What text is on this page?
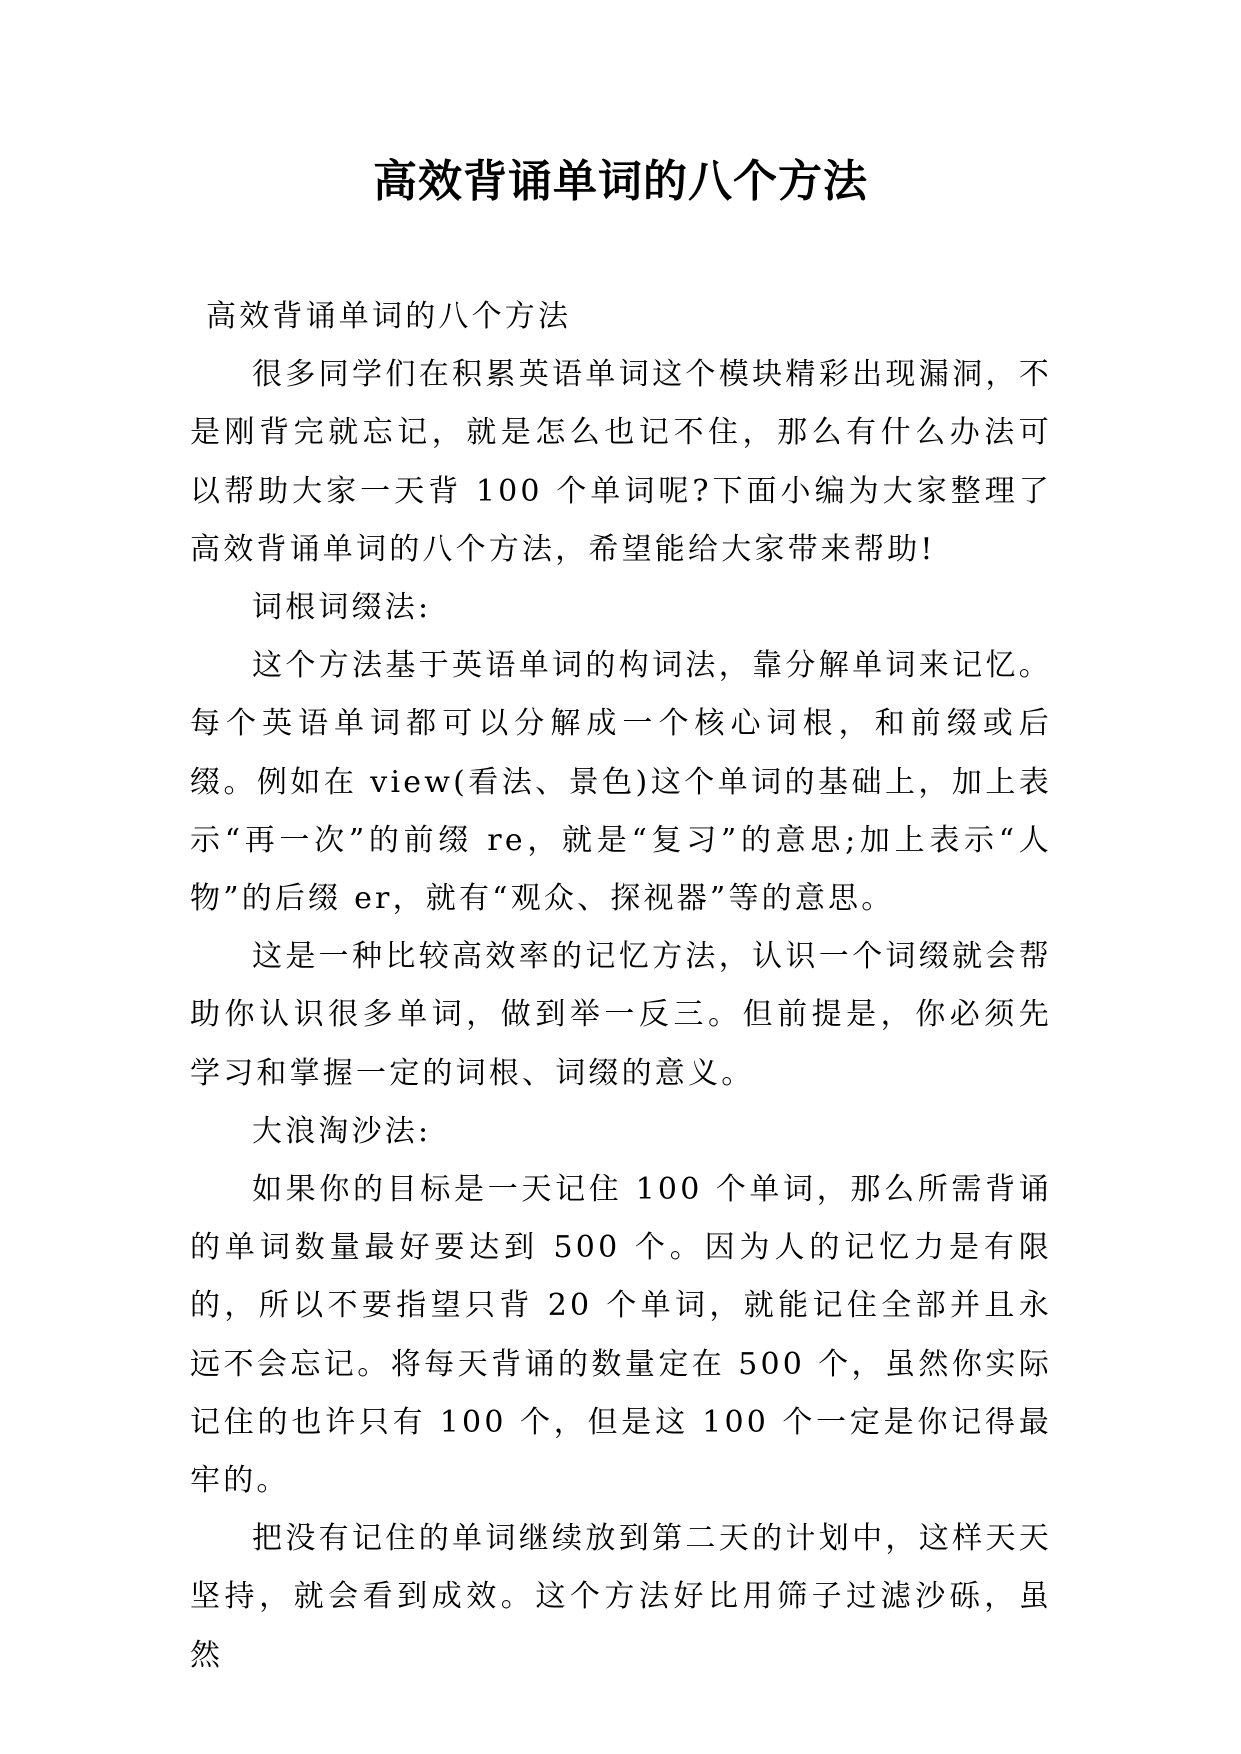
高效背诵单词的八个方法

高效背诵单词的八个方法

很多同学们在积累英语单词这个模块精彩出现漏洞，不是刚背完就忘记，就是怎么也记不住，那么有什么办法可以帮助大家一天背 100 个单词呢?下面小编为大家整理了高效背诵单词的八个方法，希望能给大家带来帮助!

词根词缀法:

这个方法基于英语单词的构词法，靠分解单词来记忆。每个英语单词都可以分解成一个核心词根，和前缀或后缀。例如在 view(看法、景色)这个单词的基础上，加上表示“再一次”的前缀 re，就是“复习”的意思;加上表示“人物”的后缀 er，就有“观众、探视器”等的意思。

这是一种比较高效率的记忆方法，认识一个词缀就会帮助你认识很多单词，做到举一反三。但前提是，你必须先学习和掌握一定的词根、词缀的意义。

大浪淘沙法:

如果你的目标是一天记住 100 个单词，那么所需背诵的单词数量最好要达到 500 个。因为人的记忆力是有限的，所以不要指望只背 20 个单词，就能记住全部并且永远不会忘记。将每天背诵的数量定在 500 个，虽然你实际记住的也许只有 100 个，但是这 100 个一定是你记得最牢的。

把没有记住的单词继续放到第二天的计划中，这样天天坚持，就会看到成效。这个方法好比用筛子过滤沙砾，虽然
